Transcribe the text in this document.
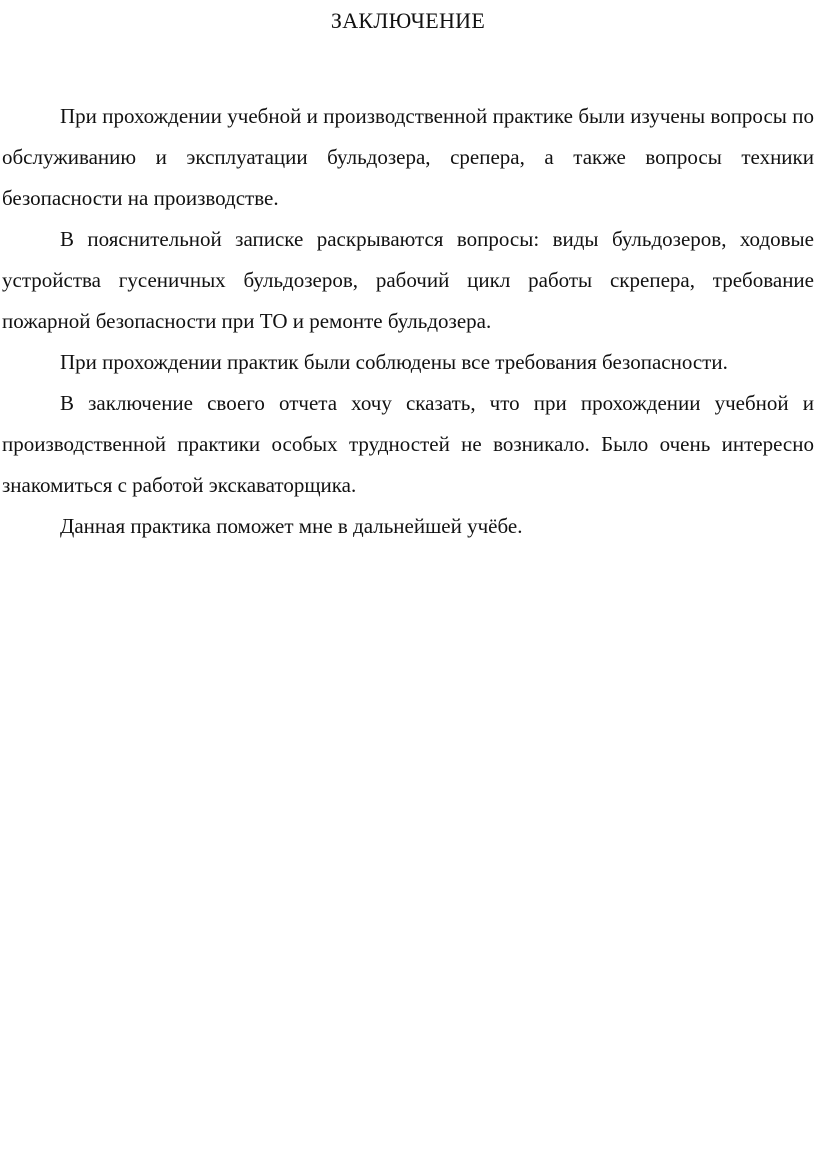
ЗАКЛЮЧЕНИЕ

При прохождении учебной и производственной практике были изучены вопросы по обслуживанию и эксплуатации бульдозера, срепера, а также вопросы техники безопасности на производстве.

В пояснительной записке раскрываются вопросы: виды бульдозеров, ходовые устройства гусеничных бульдозеров, рабочий цикл работы скрепера, требование пожарной безопасности при ТО и ремонте бульдозера.

При прохождении практик были соблюдены все требования безопасности.

В заключение своего отчета хочу сказать, что при прохождении учебной и производственной практики особых трудностей не возникало. Было очень интересно знакомиться с работой экскаваторщика.

Данная практика поможет мне в дальнейшей учёбе.
